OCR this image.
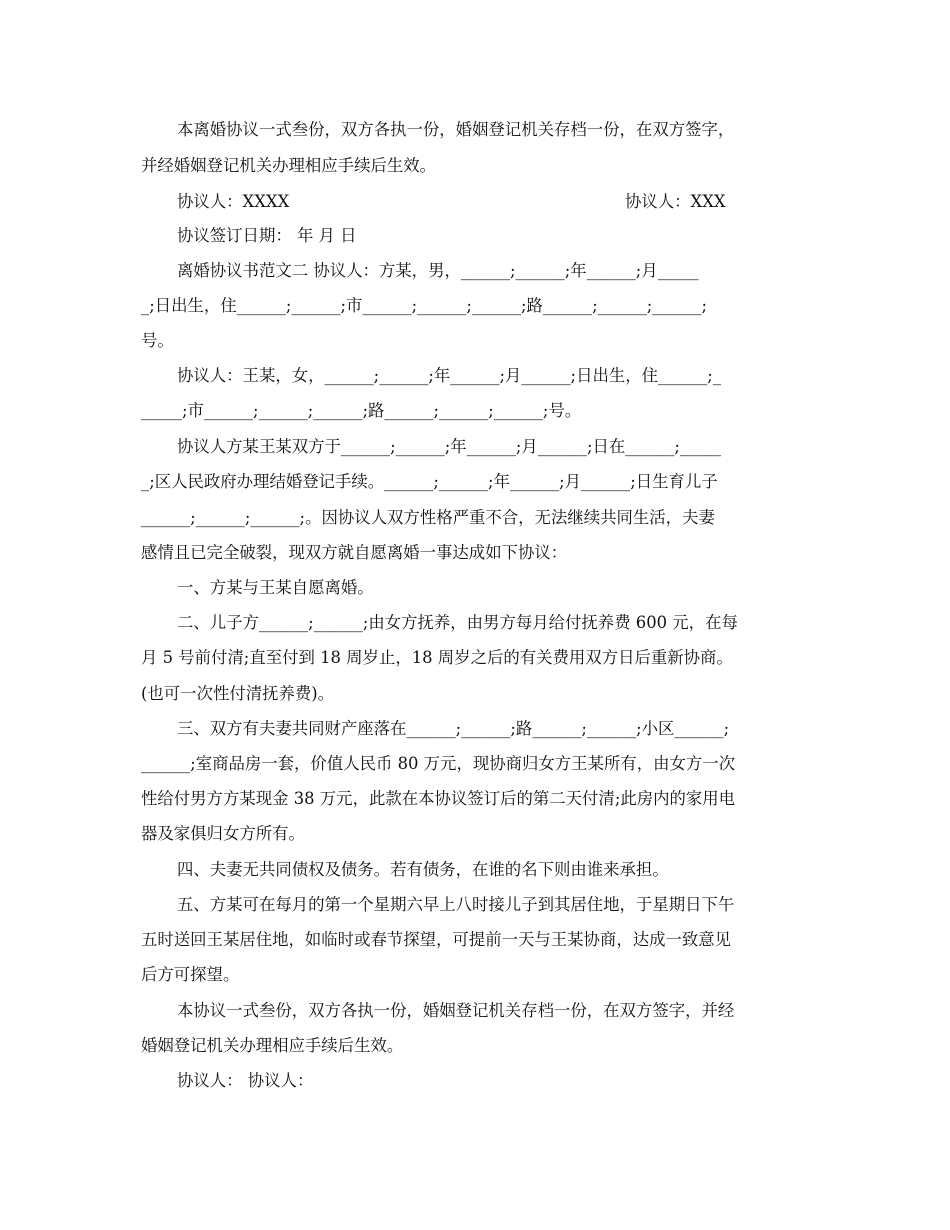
本离婚协议一式叁份，双方各执一份，婚姻登记机关存档一份，在双方签字，
并经婚姻登记机关办理相应手续后生效。
协议人：XXXX	协议人：XXX
协议签订日期： 年 月 日
离婚协议书范文二 协议人：方某，男，______;______;年______;月_____
_;日出生，住______;______;市______;______;______;路______;______;______;
号。
协议人：王某，女，______;______;年______;月______;日出生，住______;_
_____;市______;______;______;路______;______;______;号。
协议人方某王某双方于______;______;年______;月______;日在______;_____
_;区人民政府办理结婚登记手续。______;______;年______;月______;日生育儿子
______;______;______;。因协议人双方性格严重不合，无法继续共同生活，夫妻
感情且已完全破裂，现双方就自愿离婚一事达成如下协议：
一、方某与王某自愿离婚。
二、儿子方______;______;由女方抚养，由男方每月给付抚养费 600 元，在每
月 5 号前付清;直至付到 18 周岁止，18 周岁之后的有关费用双方日后重新协商。
(也可一次性付清抚养费)。
三、双方有夫妻共同财产座落在______;______;路______;______;小区______;
______;室商品房一套，价值人民币 80 万元，现协商归女方王某所有，由女方一次
性给付男方方某现金 38 万元，此款在本协议签订后的第二天付清;此房内的家用电
器及家俱归女方所有。
四、夫妻无共同债权及债务。若有债务，在谁的名下则由谁来承担。
五、方某可在每月的第一个星期六早上八时接儿子到其居住地，于星期日下午
五时送回王某居住地，如临时或春节探望，可提前一天与王某协商，达成一致意见
后方可探望。
本协议一式叁份，双方各执一份，婚姻登记机关存档一份，在双方签字，并经
婚姻登记机关办理相应手续后生效。
协议人： 协议人：
